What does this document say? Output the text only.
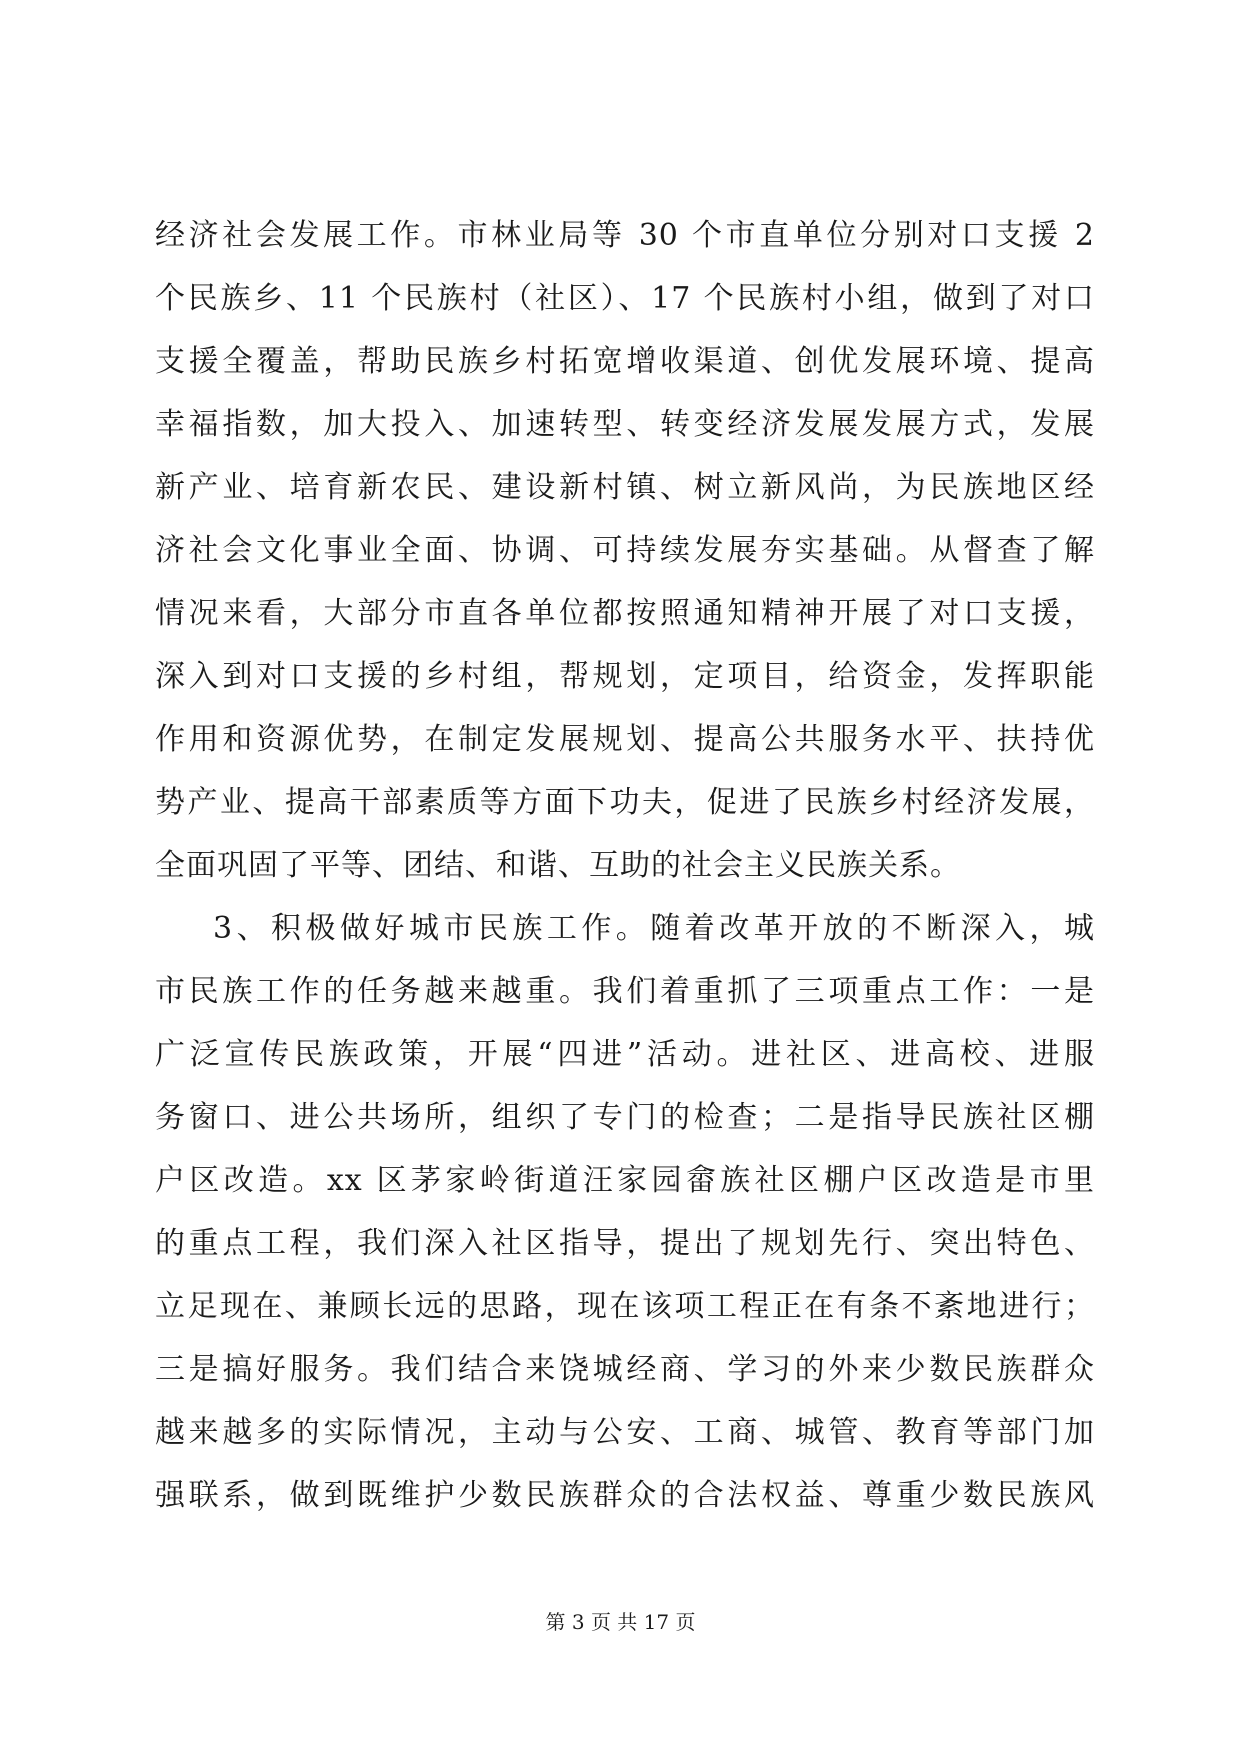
经济社会发展工作。市林业局等 30 个市直单位分别对口支援 2
个民族乡、11 个民族村（社区）、17 个民族村小组，做到了对口
支援全覆盖，帮助民族乡村拓宽增收渠道、创优发展环境、提高
幸福指数，加大投入、加速转型、转变经济发展发展方式，发展
新产业、培育新农民、建设新村镇、树立新风尚，为民族地区经
济社会文化事业全面、协调、可持续发展夯实基础。从督查了解
情况来看，大部分市直各单位都按照通知精神开展了对口支援，
深入到对口支援的乡村组，帮规划，定项目，给资金，发挥职能
作用和资源优势，在制定发展规划、提高公共服务水平、扶持优
势产业、提高干部素质等方面下功夫，促进了民族乡村经济发展，
全面巩固了平等、团结、和谐、互助的社会主义民族关系。
3、积极做好城市民族工作。随着改革开放的不断深入，城
市民族工作的任务越来越重。我们着重抓了三项重点工作：一是
广泛宣传民族政策，开展“四进”活动。进社区、进高校、进服
务窗口、进公共场所，组织了专门的检查；二是指导民族社区棚
户区改造。xx 区茅家岭街道汪家园畲族社区棚户区改造是市里
的重点工程，我们深入社区指导，提出了规划先行、突出特色、
立足现在、兼顾长远的思路，现在该项工程正在有条不紊地进行；
三是搞好服务。我们结合来饶城经商、学习的外来少数民族群众
越来越多的实际情况，主动与公安、工商、城管、教育等部门加
强联系，做到既维护少数民族群众的合法权益、尊重少数民族风
第 3 页 共 17 页
